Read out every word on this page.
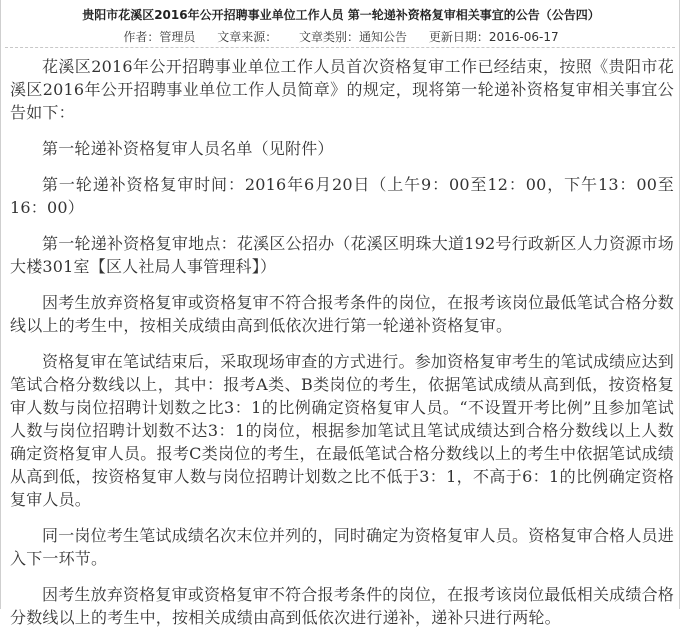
贵阳市花溪区2016年公开招聘事业单位工作人员 第一轮递补资格复审相关事宜的公告（公告四）
作者：管理员 文章来源： 文章类别：通知公告 更新日期：2016-06-17

花溪区2016年公开招聘事业单位工作人员首次资格复审工作已经结束，按照《贵阳市花溪区2016年公开招聘事业单位工作人员简章》的规定，现将第一轮递补资格复审相关事宜公告如下：

第一轮递补资格复审人员名单（见附件）

第一轮递补资格复审时间：2016年6月20日（上午9：00至12：00，下午13：00至16：00）

第一轮递补资格复审地点：花溪区公招办（花溪区明珠大道192号行政新区人力资源市场大楼301室【区人社局人事管理科】）

因考生放弃资格复审或资格复审不符合报考条件的岗位，在报考该岗位最低笔试合格分数线以上的考生中，按相关成绩由高到低依次进行第一轮递补资格复审。

资格复审在笔试结束后，采取现场审查的方式进行。参加资格复审考生的笔试成绩应达到笔试合格分数线以上，其中：报考A类、B类岗位的考生，依据笔试成绩从高到低，按资格复审人数与岗位招聘计划数之比3：1的比例确定资格复审人员。“不设置开考比例”且参加笔试人数与岗位招聘计划数不达3：1的岗位，根据参加笔试且笔试成绩达到合格分数线以上人数确定资格复审人员。报考C类岗位的考生，在最低笔试合格分数线以上的考生中依据笔试成绩从高到低，按资格复审人数与岗位招聘计划数之比不低于3：1，不高于6：1的比例确定资格复审人员。

同一岗位考生笔试成绩名次末位并列的，同时确定为资格复审人员。资格复审合格人员进入下一环节。

因考生放弃资格复审或资格复审不符合报考条件的岗位，在报考该岗位最低相关成绩合格分数线以上的考生中，按相关成绩由高到低依次进行递补，递补只进行两轮。
